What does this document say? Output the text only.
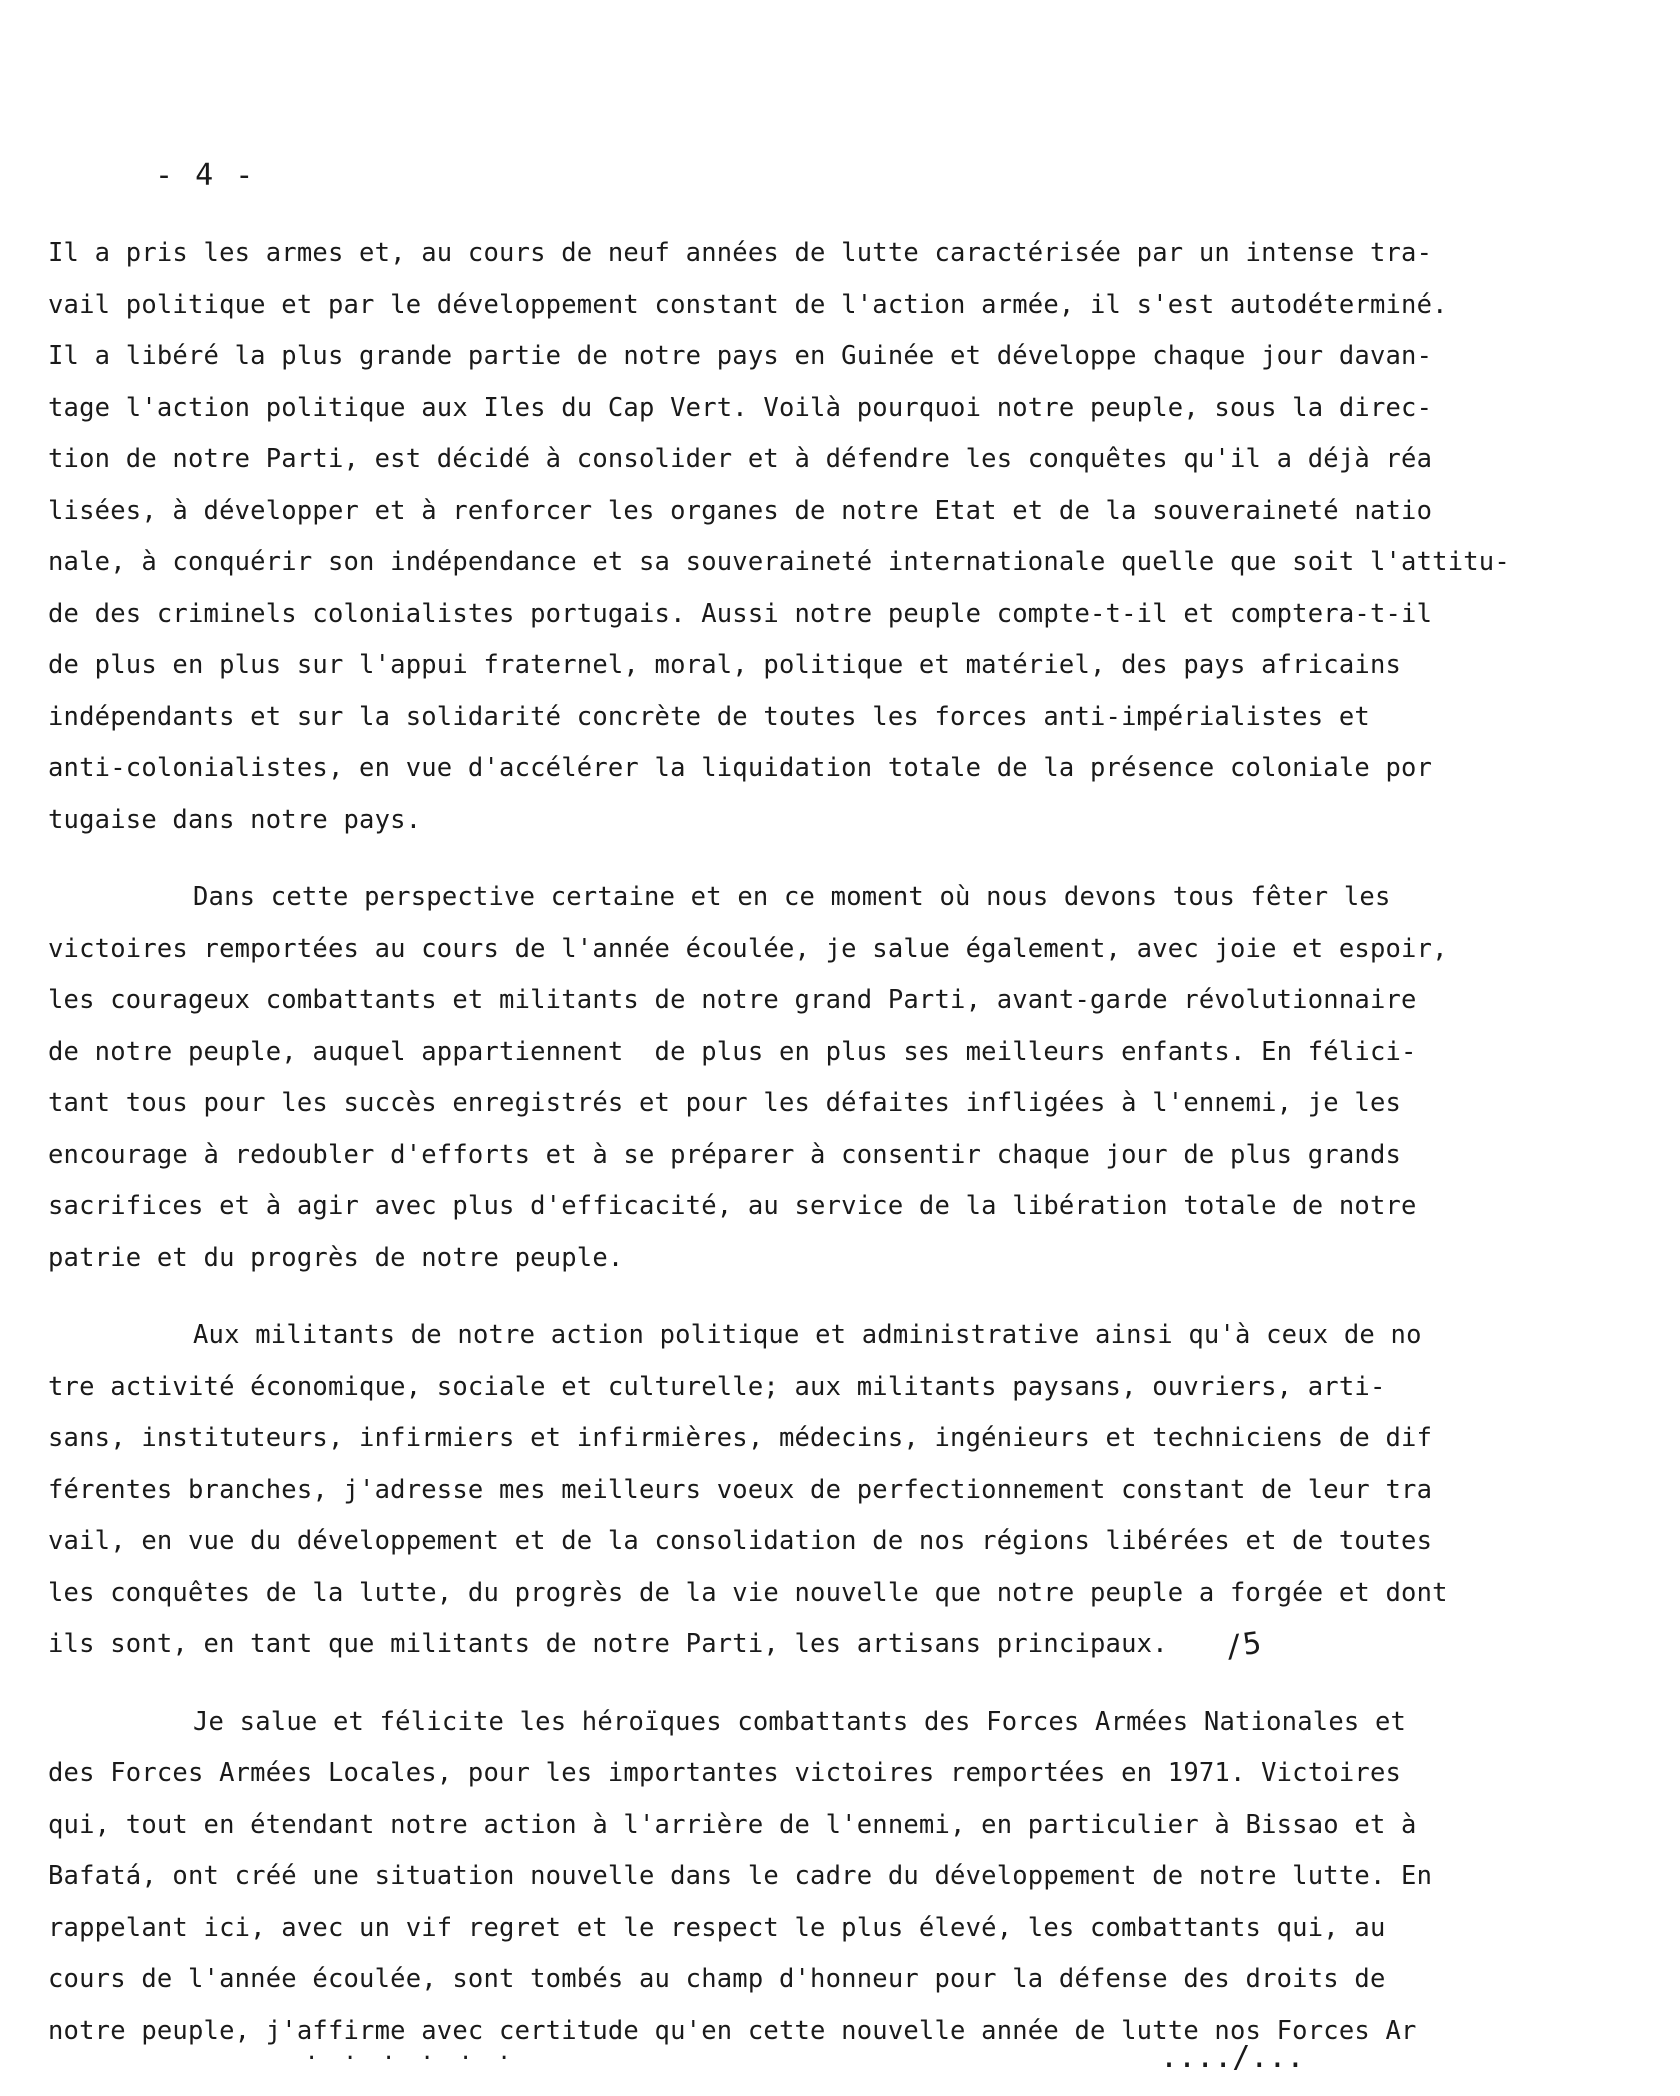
- 4 -
Il a pris les armes et, au cours de neuf années de lutte caractérisée par un intense tra-
vail politique et par le développement constant de l'action armée, il s'est autodéterminé.
Il a libéré la plus grande partie de notre pays en Guinée et développe chaque jour davan-
tage l'action politique aux Iles du Cap Vert. Voilà pourquoi notre peuple, sous la direc-
tion de notre Parti, est décidé à consolider et à défendre les conquêtes qu'il a déjà réa
lisées, à développer et à renforcer les organes de notre Etat et de la souveraineté natio
nale, à conquérir son indépendance et sa souveraineté internationale quelle que soit l'attitu-
de des criminels colonialistes portugais. Aussi notre peuple compte-t-il et comptera-t-il
de plus en plus sur l'appui fraternel, moral, politique et matériel, des pays africains
indépendants et sur la solidarité concrète de toutes les forces anti-impérialistes et
anti-colonialistes, en vue d'accélérer la liquidation totale de la présence coloniale por
tugaise dans notre pays.
Dans cette perspective certaine et en ce moment où nous devons tous fêter les
victoires remportées au cours de l'année écoulée, je salue également, avec joie et espoir,
les courageux combattants et militants de notre grand Parti, avant-garde révolutionnaire
de notre peuple, auquel appartiennent  de plus en plus ses meilleurs enfants. En félici-
tant tous pour les succès enregistrés et pour les défaites infligées à l'ennemi, je les
encourage à redoubler d'efforts et à se préparer à consentir chaque jour de plus grands
sacrifices et à agir avec plus d'efficacité, au service de la libération totale de notre
patrie et du progrès de notre peuple.
Aux militants de notre action politique et administrative ainsi qu'à ceux de no
tre activité économique, sociale et culturelle; aux militants paysans, ouvriers, arti-
sans, instituteurs, infirmiers et infirmières, médecins, ingénieurs et techniciens de dif
férentes branches, j'adresse mes meilleurs voeux de perfectionnement constant de leur tra
vail, en vue du développement et de la consolidation de nos régions libérées et de toutes
les conquêtes de la lutte, du progrès de la vie nouvelle que notre peuple a forgée et dont
ils sont, en tant que militants de notre Parti, les artisans principaux.
Je salue et félicite les héroïques combattants des Forces Armées Nationales et
des Forces Armées Locales, pour les importantes victoires remportées en 1971. Victoires
qui, tout en étendant notre action à l'arrière de l'ennemi, en particulier à Bissao et à
Bafatá, ont créé une situation nouvelle dans le cadre du développement de notre lutte. En
rappelant ici, avec un vif regret et le respect le plus élevé, les combattants qui, au
cours de l'année écoulée, sont tombés au champ d'honneur pour la défense des droits de
notre peuple, j'affirme avec certitude qu'en cette nouvelle année de lutte nos Forces Ar
/5
. . . . . .	..../...
